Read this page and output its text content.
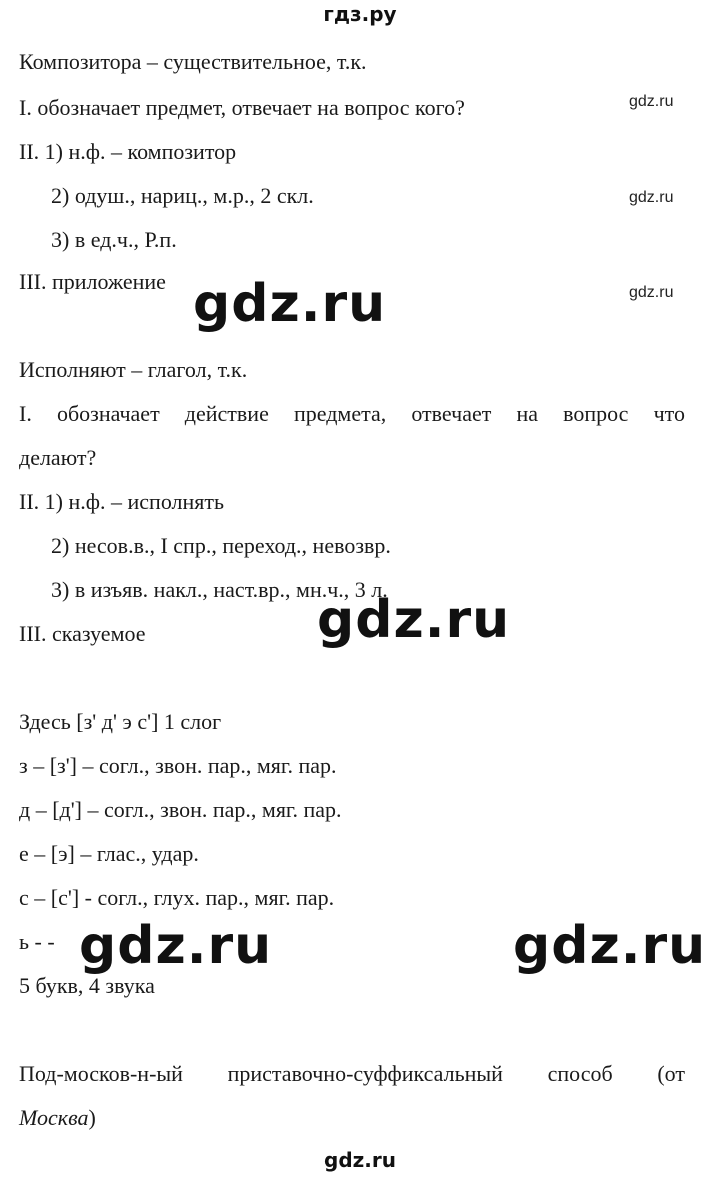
гдз.ру
Композитора – существительное, т.к.
I. обозначает предмет, отвечает на вопрос кого?
II. 1) н.ф. – композитор
2) одуш., нариц., м.р., 2 скл.
3) в ед.ч., Р.п.
III. приложение
gdz.ru
gdz.ru
gdz.ru
gdz.ru
Исполняют – глагол, т.к.
I. обозначает действие предмета, отвечает на вопрос что
делают?
II. 1) н.ф. – исполнять
2) несов.в., I спр., переход., невозвр.
3) в изъяв. накл., наст.вр., мн.ч., 3 л.
III. сказуемое	gdz.ru
Здесь [з' д' э с'] 1 слог
з – [з'] – согл., звон. пар., мяг. пар.
д – [д'] – согл., звон. пар., мяг. пар.
е – [э] – глас., удар.
с – [с'] - согл., глух. пар., мяг. пар.
ь - -
5 букв, 4 звука
gdz.ru	gdz.ru
Под-москов-н-ый приставочно-суффиксальный способ (от
Москва)
gdz.ru
